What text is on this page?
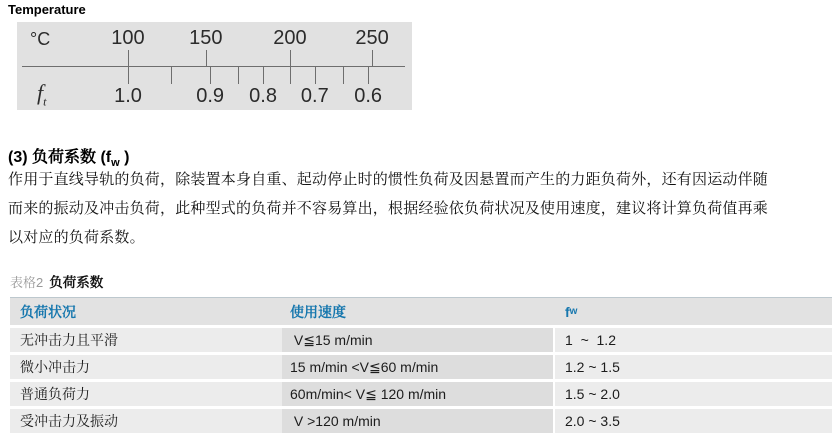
Temperature
°C
$f_t$
100 150	200 250
1.0	0.9 0.8 0.7 0.6
(3) 负荷系数 ($f_w$ )
作用于直线导轨的负荷，除装置本身自重、起动停止时的惯性负荷及因悬置而产生的力距负荷外，还有因运动伴随
而来的振动及冲击负荷，此种型式的负荷并不容易算出，根据经验依负荷状况及使用速度，建议将计算负荷值再乘
以对应的负荷系数。
表格2 负荷系数
负荷状况	使用速度	f w
无冲击力且平滑	V≦15 m/min	1  ~  1.2
微小冲击力	15 m/min <V≦60 m/min	1.2 ~ 1.5
普通负荷力	60m/min< V≦ 120 m/min	1.5 ~ 2.0
受冲击力及振动	V >120 m/min	2.0 ~ 3.5
